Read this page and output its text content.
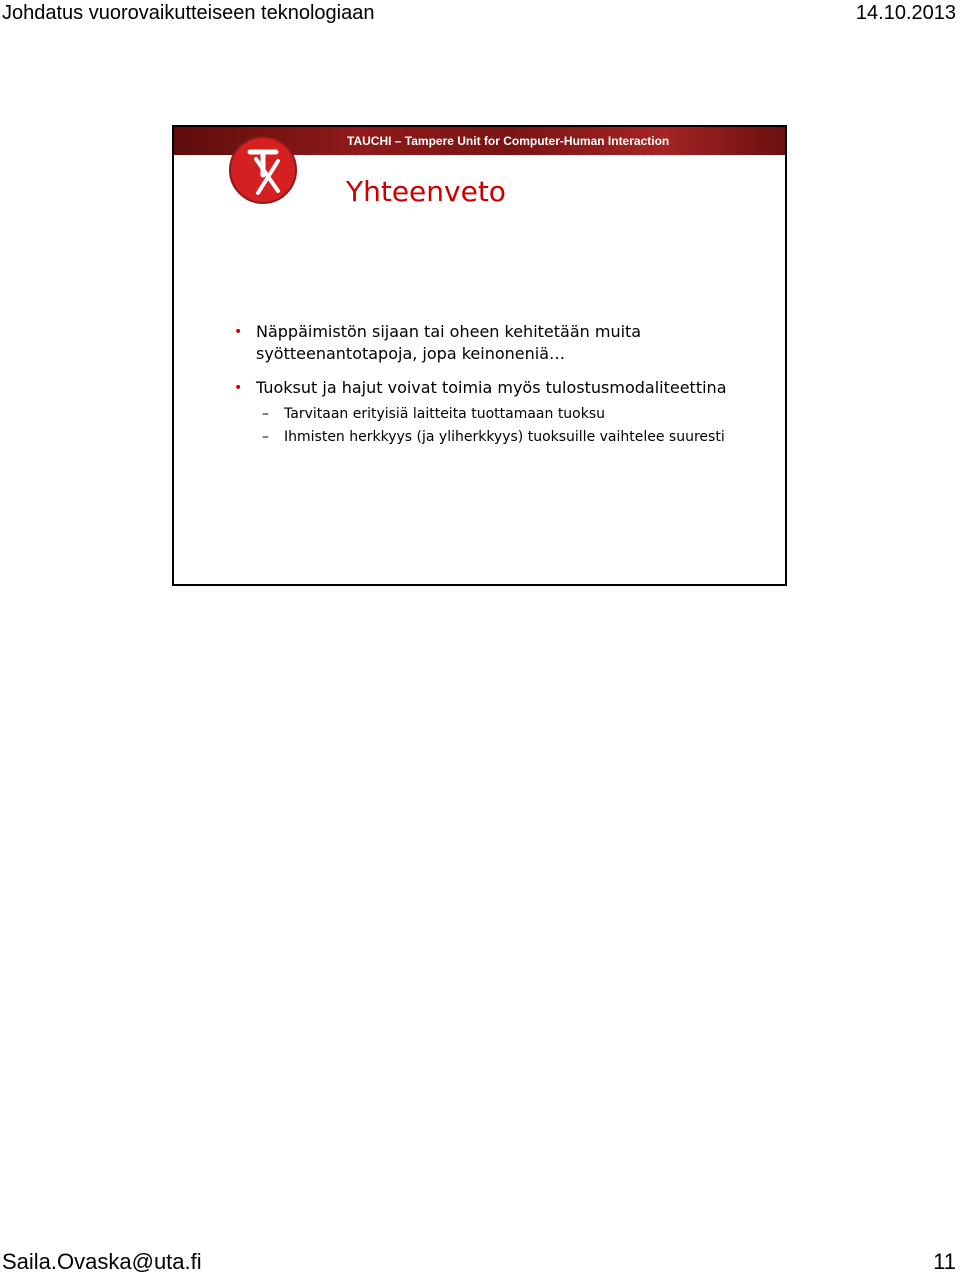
Johdatus vuorovaikutteiseen teknologiaan	14.10.2013
TAUCHI – Tampere Unit for Computer-Human Interaction
Yhteenveto
• Näppäimistön sijaan tai oheen kehitetään muita syötteenantotapoja, jopa keinoneniä…
• Tuoksut ja hajut voivat toimia myös tulostusmodaliteettina
– Tarvitaan erityisiä laitteita tuottamaan tuoksu
– Ihmisten herkkyys (ja yliherkkyys) tuoksuille vaihtelee suuresti
Saila.Ovaska@uta.fi	11
